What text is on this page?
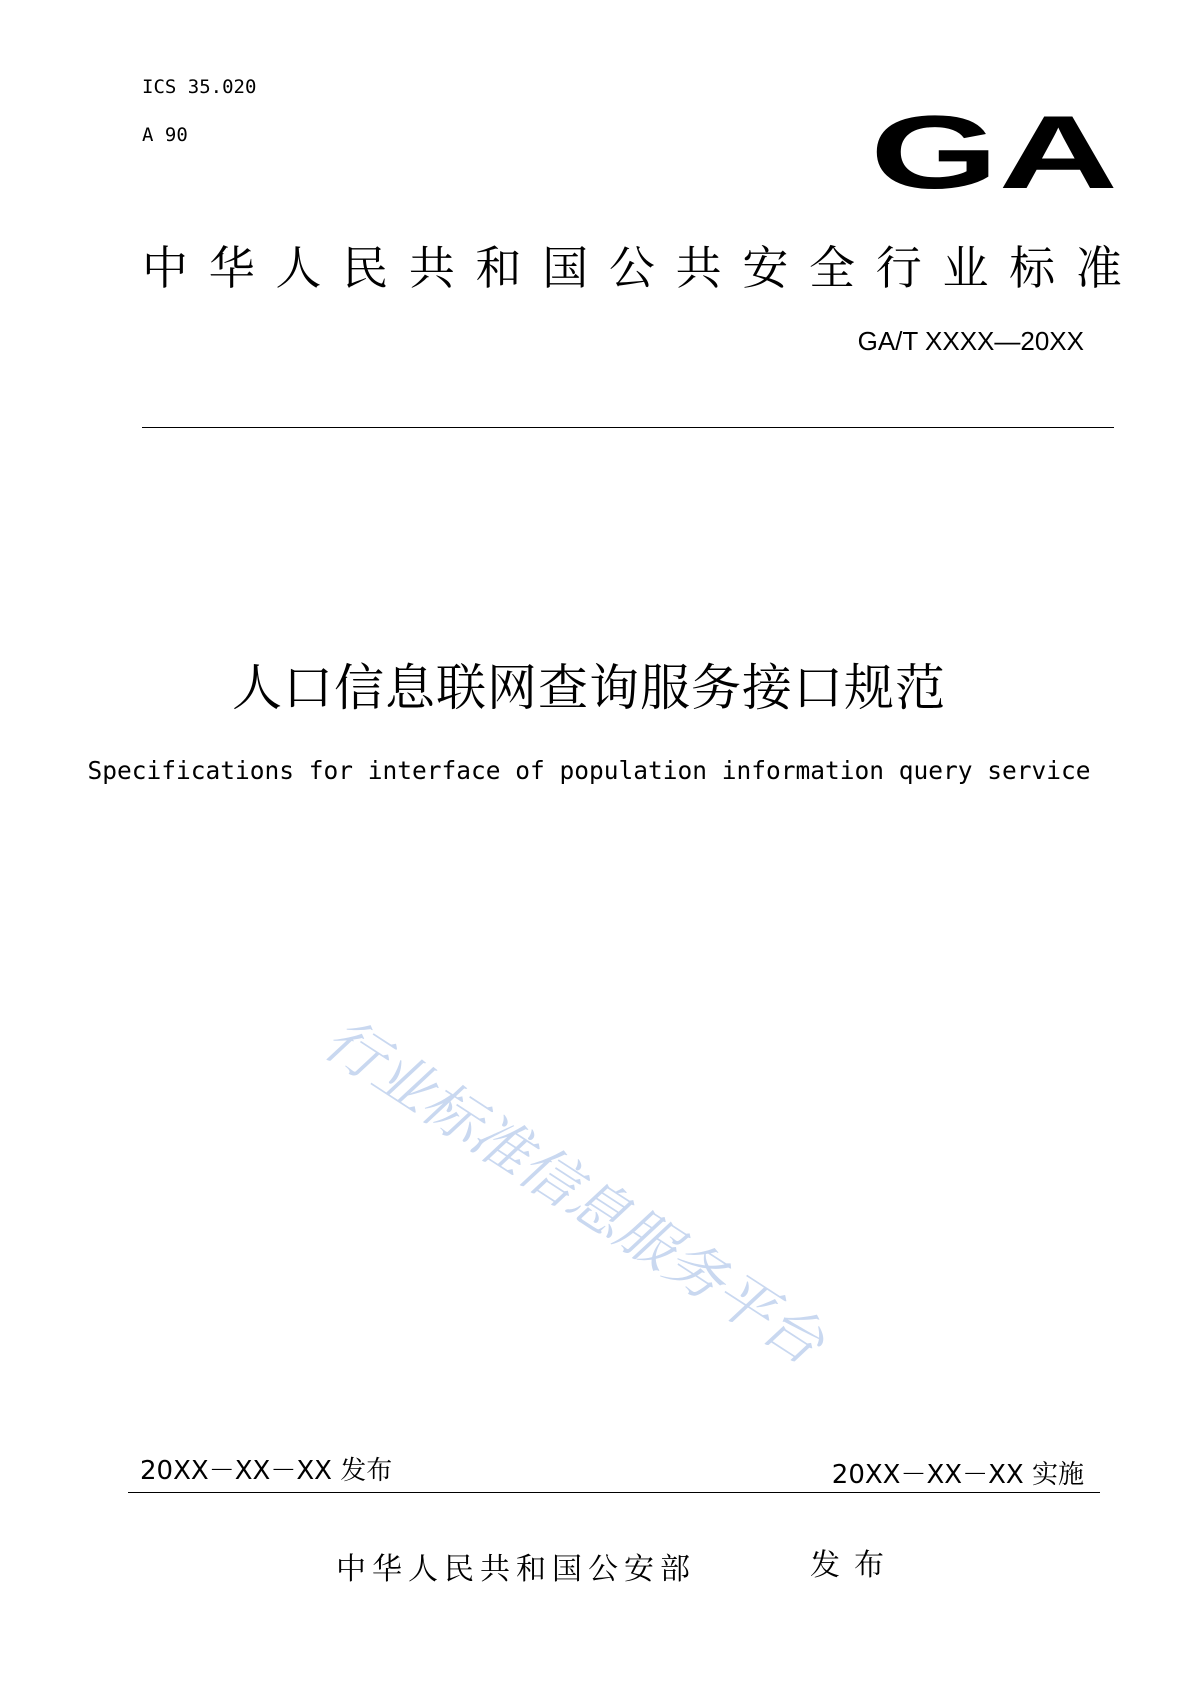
ICS 35.020
A 90	GA
中 华 人 民 共 和 国 公 共 安 全 行 业 标 准
GA/T XXXX—20XX
人口信息联网查询服务接口规范
Specifications for interface of population information query service
行业标准信息服务平台
20XX－XX－XX 发布	20XX－XX－XX 实施
中华人民共和国公安部	发布
